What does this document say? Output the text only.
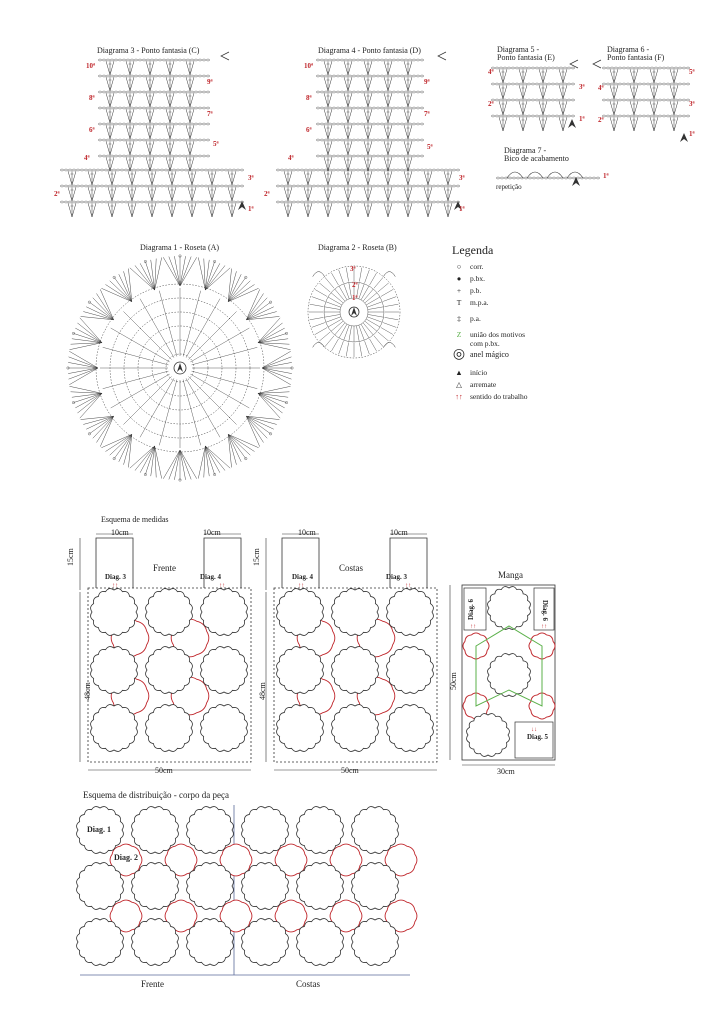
↑↑	↑↑	↑↑	↑↑
↑↑	↑↑
↓↓
Diagrama 3 - Ponto fantasia (C)	Diagrama 4 - Ponto fantasia (D)	Diagrama 5 -
Ponto fantasia (E)
Diagrama 6 -
Ponto fantasia (F)
Diagrama 7 -
Bico de acabamento
repetição
1ª
Diagrama 1 - Roseta (A)	Diagrama 2 - Roseta (B)
10ª
8ª
6ª
4ª
2ª
9ª
7ª
5ª
3ª
1ª
10ª
8ª
6ª
4ª
2ª
9ª
7ª
5ª
3ª
1ª
4ª
2ª
3ª
1ª
4ª
2ª
5ª
3ª
1ª
3ª
2ª
1ª
Legenda
○	corr.
●	p.bx.
+	p.b.
T	m.p.a.
‡	p.a.
Z	união dos motivos
com p.bx.
◎ anel mágico
▲ início
△	arremate
↑↑ sentido do trabalho
Esquema de medidas
10cm	10cm	10cm	10cm
Frente	Costas
Manga
15cm	15cm
48cm	48cm
50cm
50cm	50cm	30cm
Diag. 3	Diag. 4	Diag. 4	Diag. 3
Diag. 5
Diag. 6	Diag. 6
Esquema de distribuição - corpo da peça
Diag. 1
Diag. 2
Frente	Costas
